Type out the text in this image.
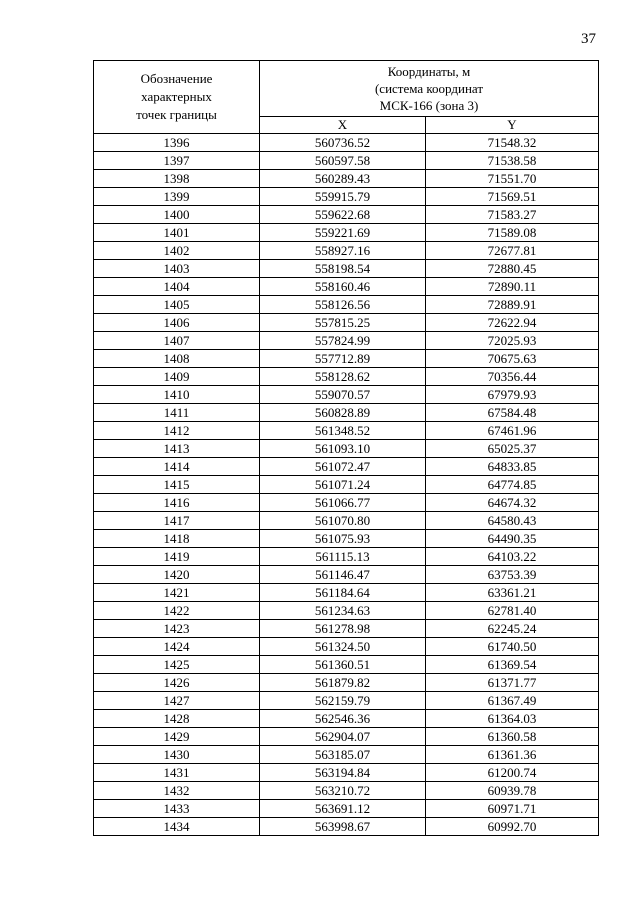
37
Обозначение
характерных
точек границы	Координаты, м
(система координат
МСК-166 (зона 3)	

	X	Y
1396	560736.52	71548.32
1397	560597.58	71538.58
1398	560289.43	71551.70
1399	559915.79	71569.51
1400	559622.68	71583.27
1401	559221.69	71589.08
1402	558927.16	72677.81
1403	558198.54	72880.45
1404	558160.46	72890.11
1405	558126.56	72889.91
1406	557815.25	72622.94
1407	557824.99	72025.93
1408	557712.89	70675.63
1409	558128.62	70356.44
1410	559070.57	67979.93
1411	560828.89	67584.48
1412	561348.52	67461.96
1413	561093.10	65025.37
1414	561072.47	64833.85
1415	561071.24	64774.85
1416	561066.77	64674.32
1417	561070.80	64580.43
1418	561075.93	64490.35
1419	561115.13	64103.22
1420	561146.47	63753.39
1421	561184.64	63361.21
1422	561234.63	62781.40
1423	561278.98	62245.24
1424	561324.50	61740.50
1425	561360.51	61369.54
1426	561879.82	61371.77
1427	562159.79	61367.49
1428	562546.36	61364.03
1429	562904.07	61360.58
1430	563185.07	61361.36
1431	563194.84	61200.74
1432	563210.72	60939.78
1433	563691.12	60971.71
1434	563998.67	60992.70
